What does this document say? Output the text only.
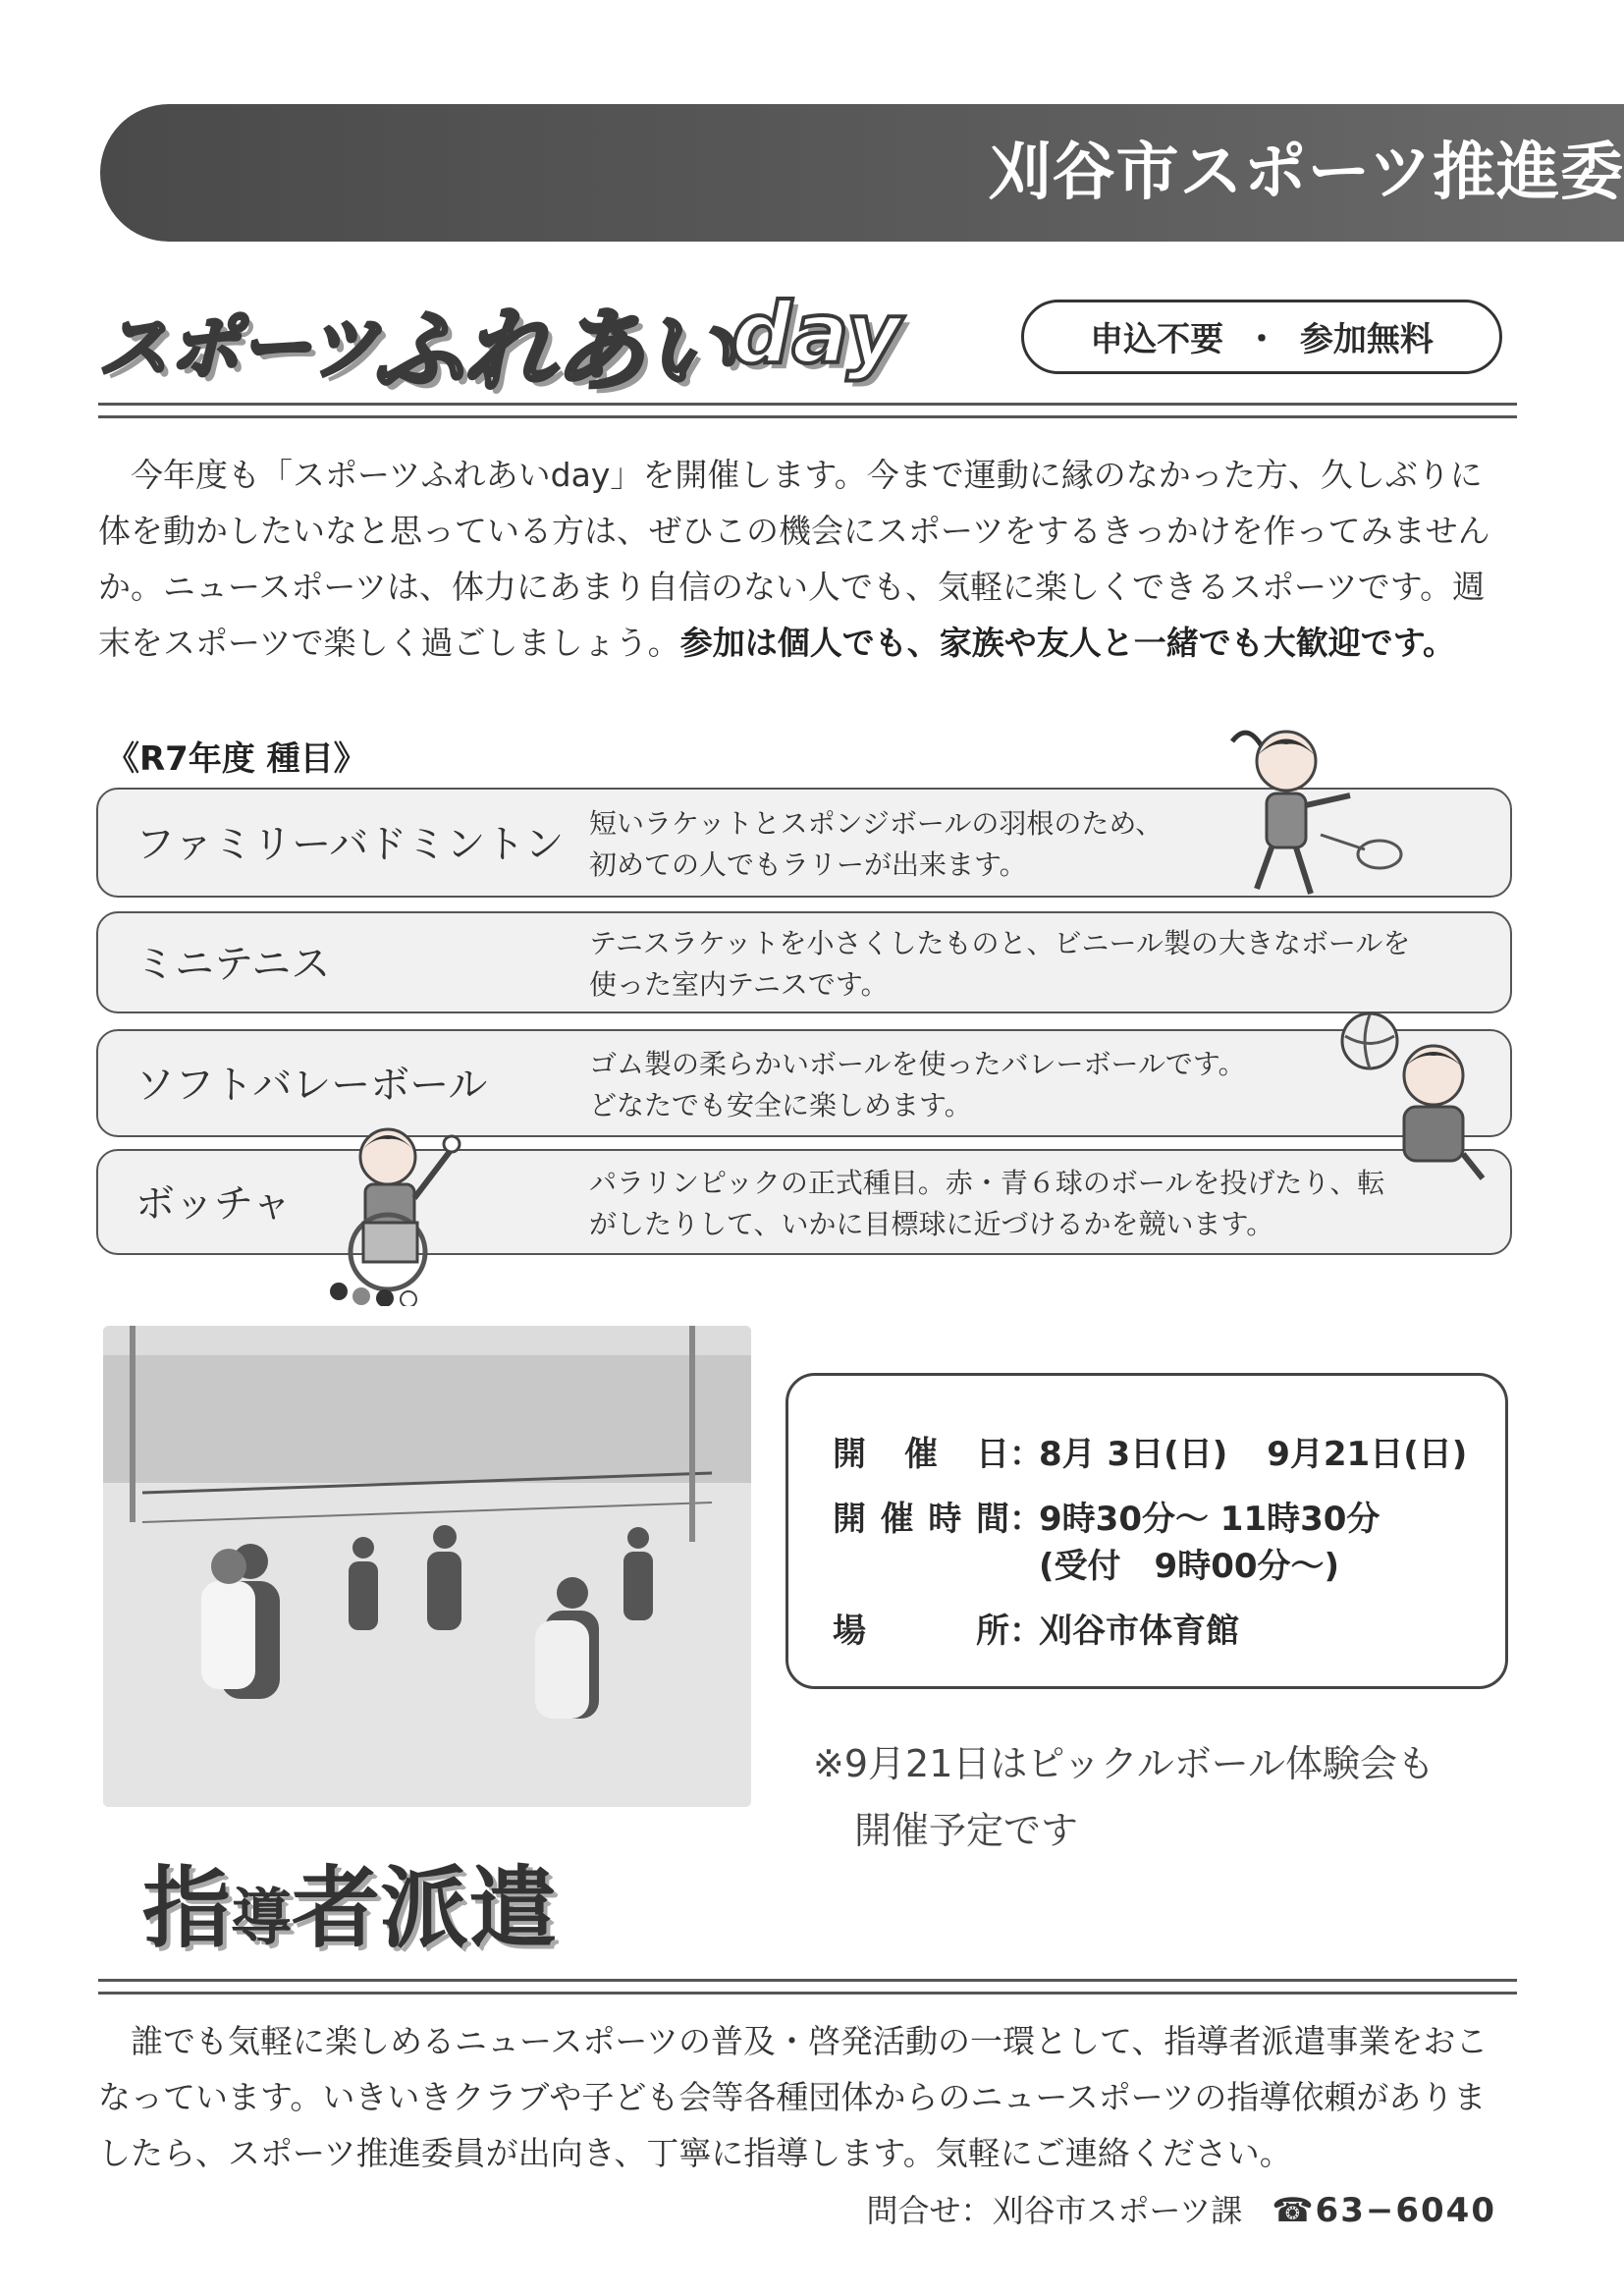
刈谷市スポーツ推進委
スポーツ
ふれあい
day	申込不要 ・ 参加無料
今年度も「スポーツふれあいday」を開催します。今まで運動に縁のなかった方、久しぶりに体を動かしたいなと思っている方は、ぜひこの機会にスポーツをするきっかけを作ってみませんか。ニュースポーツは、体力にあまり自信のない人でも、気軽に楽しくできるスポーツです。週末をスポーツで楽しく過ごしましょう。参加は個人でも、家族や友人と一緒でも大歓迎です。
《R7年度 種目》
ファミリーバドミントン 短いラケットとスポンジボールの羽根のため、
初めての人でもラリーが出来ます。
ミニテニス	テニスラケットを小さくしたものと、ビニール製の大きなボールを
使った室内テニスです。
ソフトバレーボール	ゴム製の柔らかいボールを使ったバレーボールです。
どなたでも安全に楽しめます。
ボッチャ	パラリンピックの正式種目。赤・青６球のボールを投げたり、転
がしたりして、いかに目標球に近づけるかを競います。
開催日：8月 3日(日) 9月21日(日)
開催時間：9時30分～ 11時30分
(受付　9時00分～)
場所：刈谷市体育館
※9月21日はピックルボール体験会も
開催予定です
指導者派遣
誰でも気軽に楽しめるニュースポーツの普及・啓発活動の一環として、指導者派遣事業をおこなっています。いきいきクラブや子ども会等各種団体からのニュースポーツの指導依頼がありましたら、スポーツ推進委員が出向き、丁寧に指導します。気軽にご連絡ください。
問合せ：刈谷市スポーツ課 ☎63−6040
